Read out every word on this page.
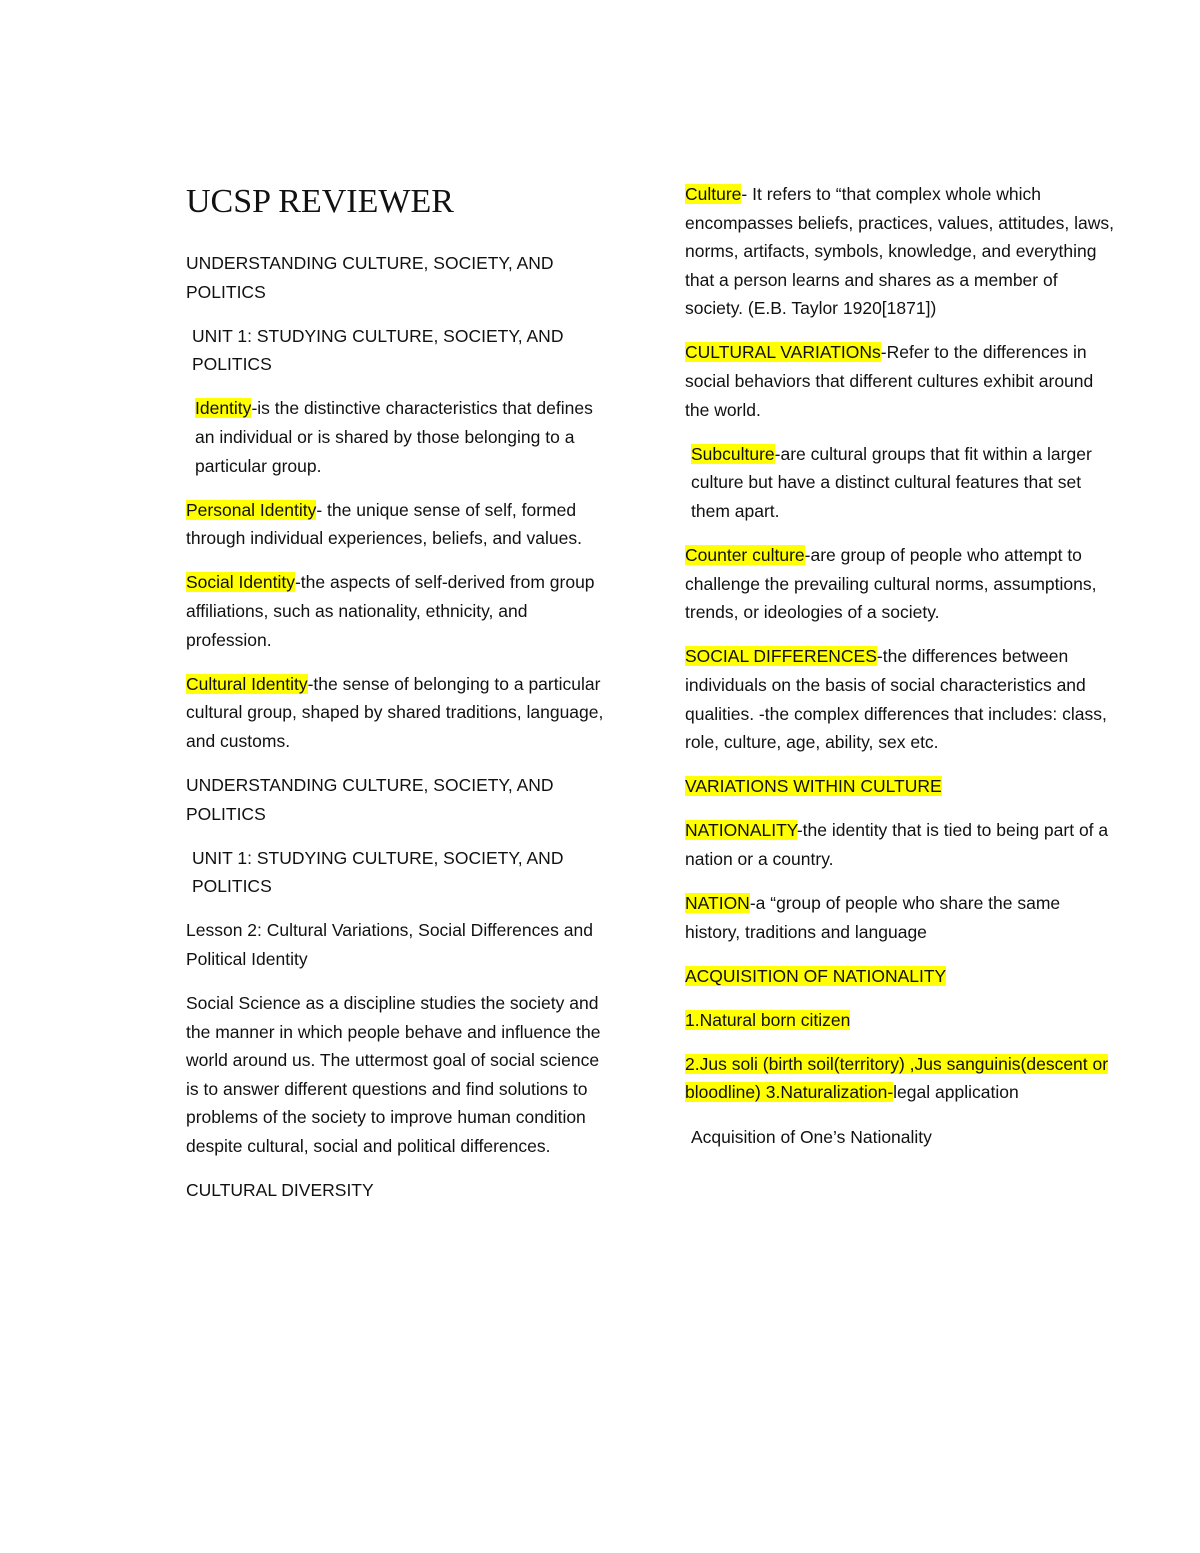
UCSP REVIEWER

UNDERSTANDING CULTURE, SOCIETY, AND POLITICS

UNIT 1: STUDYING CULTURE, SOCIETY, AND POLITICS

Identity-is the distinctive characteristics that defines an individual or is shared by those belonging to a particular group.

Personal Identity- the unique sense of self, formed through individual experiences, beliefs, and values.

Social Identity-the aspects of self-derived from group affiliations, such as nationality, ethnicity, and profession.

Cultural Identity-the sense of belonging to a particular cultural group, shaped by shared traditions, language, and customs.

UNDERSTANDING CULTURE, SOCIETY, AND POLITICS

UNIT 1: STUDYING CULTURE, SOCIETY, AND POLITICS

Lesson 2: Cultural Variations, Social Differences and Political Identity

Social Science as a discipline studies the society and the manner in which people behave and influence the world around us. The uttermost goal of social science is to answer different questions and find solutions to problems of the society to improve human condition despite cultural, social and political differences.

CULTURAL DIVERSITY

Culture- It refers to “that complex whole which encompasses beliefs, practices, values, attitudes, laws, norms, artifacts, symbols, knowledge, and everything that a person learns and shares as a member of society. (E.B. Taylor 1920[1871])

CULTURAL VARIATIONs-Refer to the differences in social behaviors that different cultures exhibit around the world.

Subculture-are cultural groups that fit within a larger culture but have a distinct cultural features that set them apart.

Counter culture-are group of people who attempt to challenge the prevailing cultural norms, assumptions, trends, or ideologies of a society.

SOCIAL DIFFERENCES-the differences between individuals on the basis of social characteristics and qualities. -the complex differences that includes: class, role, culture, age, ability, sex etc.

VARIATIONS WITHIN CULTURE

NATIONALITY-the identity that is tied to being part of a nation or a country.

NATION-a “group of people who share the same history, traditions and language

ACQUISITION OF NATIONALITY

1.Natural born citizen

2.Jus soli (birth soil(territory) ,Jus sanguinis(descent or bloodline) 3.Naturalization-legal application

Acquisition of One’s Nationality
